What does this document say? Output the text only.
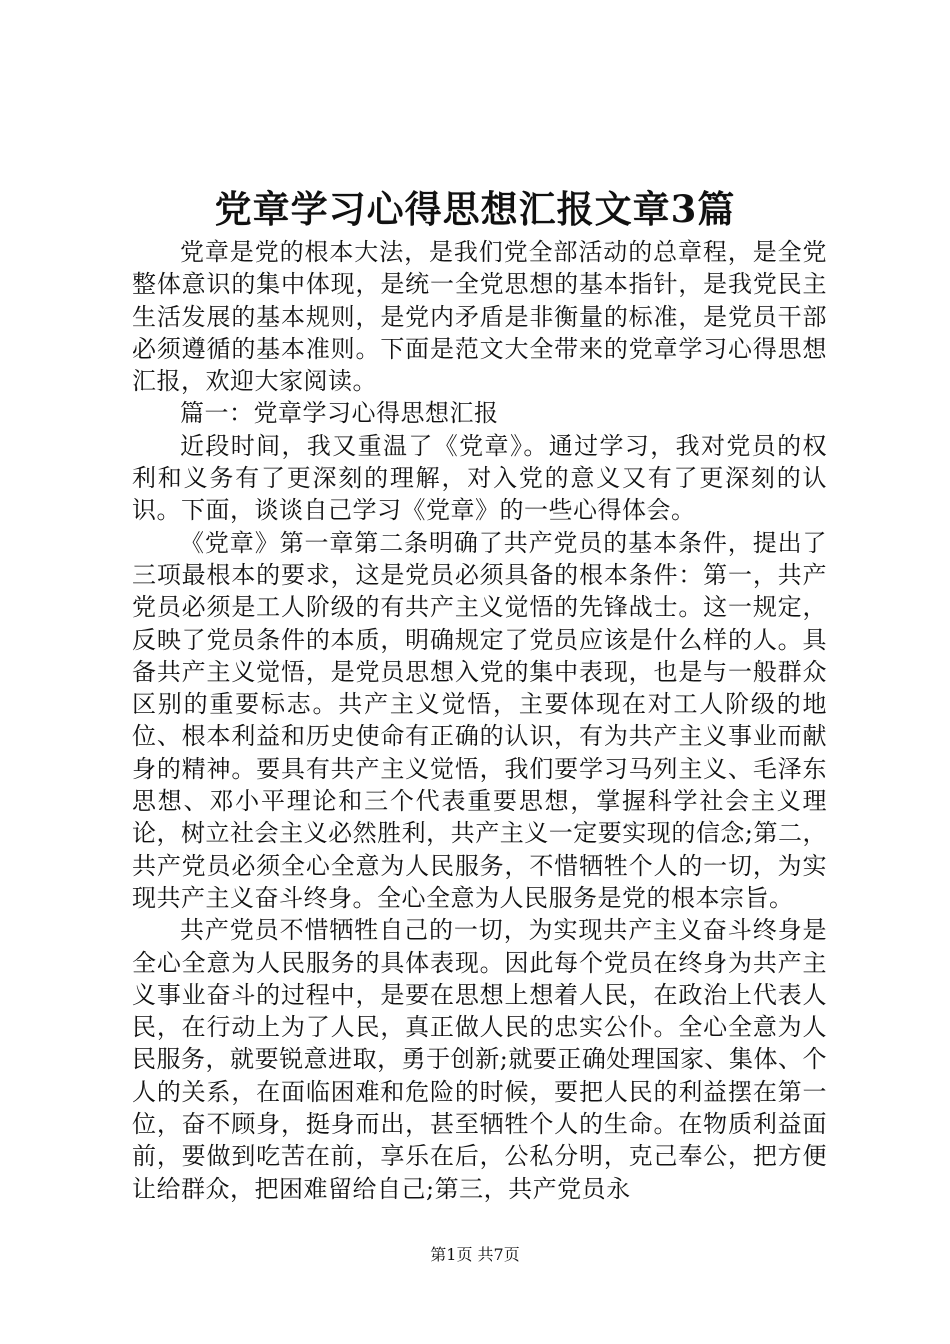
党章学习心得思想汇报文章3篇

党章是党的根本大法，是我们党全部活动的总章程，是全党整体意识的集中体现，是统一全党思想的基本指针，是我党民主生活发展的基本规则，是党内矛盾是非衡量的标准，是党员干部必须遵循的基本准则。下面是范文大全带来的党章学习心得思想汇报，欢迎大家阅读。

篇一：党章学习心得思想汇报

近段时间，我又重温了《党章》。通过学习，我对党员的权利和义务有了更深刻的理解，对入党的意义又有了更深刻的认识。下面，谈谈自己学习《党章》的一些心得体会。

《党章》第一章第二条明确了共产党员的基本条件，提出了三项最根本的要求，这是党员必须具备的根本条件：第一，共产党员必须是工人阶级的有共产主义觉悟的先锋战士。这一规定，反映了党员条件的本质，明确规定了党员应该是什么样的人。具备共产主义觉悟，是党员思想入党的集中表现，也是与一般群众区别的重要标志。共产主义觉悟，主要体现在对工人阶级的地位、根本利益和历史使命有正确的认识，有为共产主义事业而献身的精神。要具有共产主义觉悟，我们要学习马列主义、毛泽东思想、邓小平理论和三个代表重要思想，掌握科学社会主义理论，树立社会主义必然胜利，共产主义一定要实现的信念;第二，共产党员必须全心全意为人民服务，不惜牺牲个人的一切，为实现共产主义奋斗终身。全心全意为人民服务是党的根本宗旨。

共产党员不惜牺牲自己的一切，为实现共产主义奋斗终身是全心全意为人民服务的具体表现。因此每个党员在终身为共产主义事业奋斗的过程中，是要在思想上想着人民，在政治上代表人民，在行动上为了人民，真正做人民的忠实公仆。全心全意为人民服务，就要锐意进取，勇于创新;就要正确处理国家、集体、个人的关系，在面临困难和危险的时候，要把人民的利益摆在第一位，奋不顾身，挺身而出，甚至牺牲个人的生命。在物质利益面前，要做到吃苦在前，享乐在后，公私分明，克己奉公，把方便让给群众，把困难留给自己;第三，共产党员永

第1页 共7页
